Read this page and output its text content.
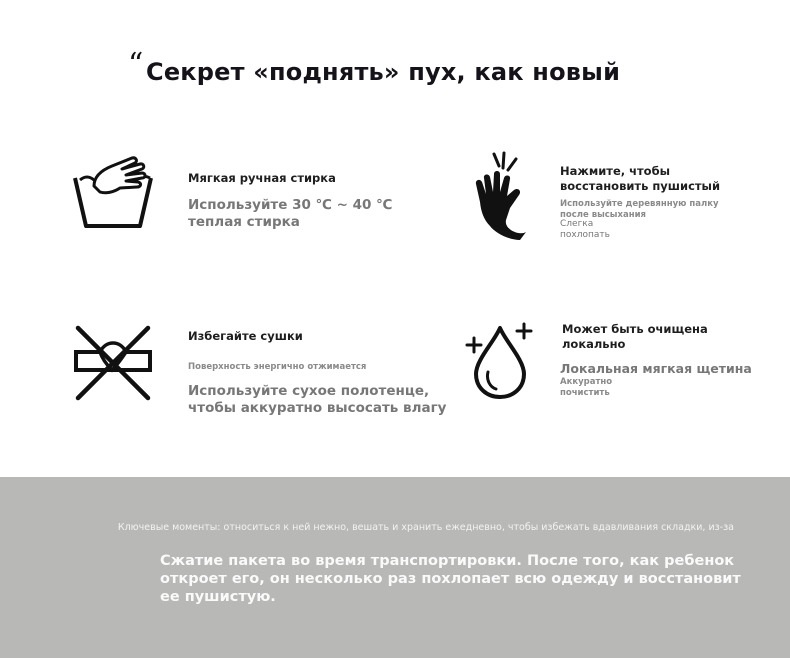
“ Секрет «поднять» пух, как новый
Мягкая ручная стирка
Используйте 30 ℃ ~ 40 ℃
теплая стирка
Нажмите, чтобы
восстановить пушистый
Используйте деревянную палку
после высыхания
Слегка
похлопать
Избегайте сушки
Поверхность энергично отжимается
Используйте сухое полотенце,
чтобы аккуратно высосать влагу
Может быть очищена
локально
Локальная мягкая щетина
Аккуратно
почистить
Ключевые моменты: относиться к ней нежно, вешать и хранить ежедневно, чтобы избежать вдавливания складки, из-за
Сжатие пакета во время транспортировки. После того, как ребенок откроет его, он несколько раз похлопает всю одежду и восстановит ее пушистую.
